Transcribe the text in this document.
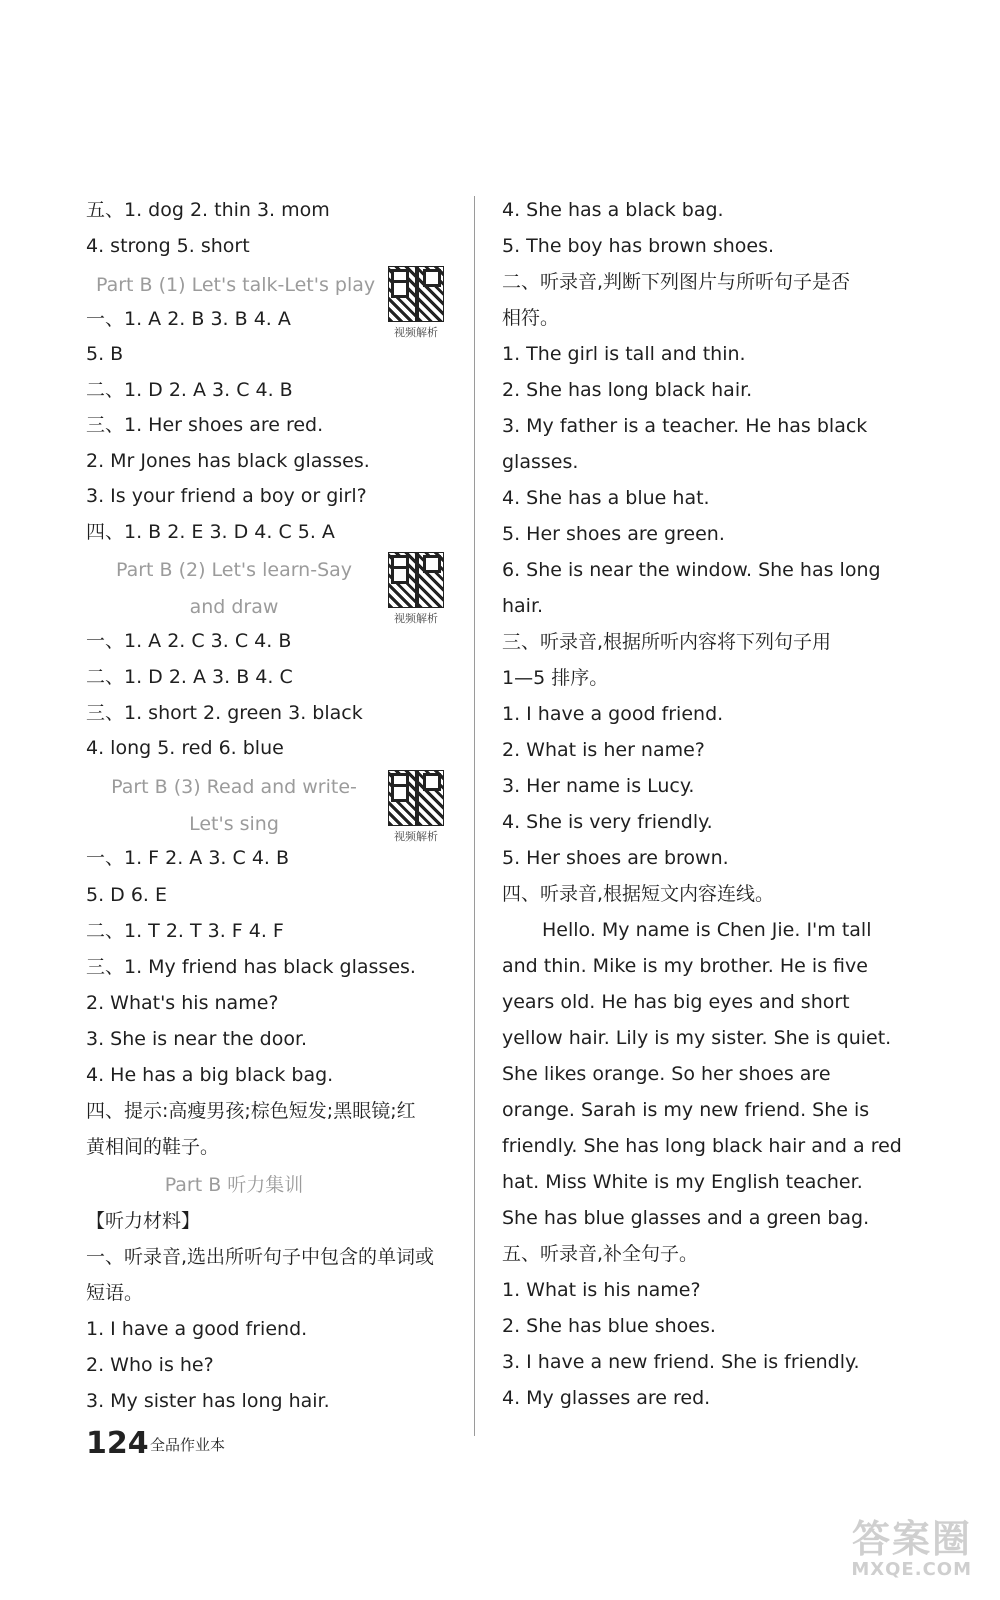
五、1. dog 2. thin 3. mom
4. strong 5. short
Part B (1) Let's talk-Let's play
一、1. A 2. B 3. B 4. A
5. B
二、1. D 2. A 3. C 4. B
三、1. Her shoes are red.
2. Mr Jones has black glasses.
3. Is your friend a boy or girl?
四、1. B 2. E 3. D 4. C 5. A
Part B (2) Let's learn-Say
and draw
一、1. A 2. C 3. C 4. B
二、1. D 2. A 3. B 4. C
三、1. short 2. green 3. black
4. long 5. red 6. blue
Part B (3) Read and write-
Let's sing
一、1. F 2. A 3. C 4. B
5. D 6. E
二、1. T 2. T 3. F 4. F
三、1. My friend has black glasses.
2. What's his name?
3. She is near the door.
4. He has a big black bag.
四、提示:高瘦男孩;棕色短发;黑眼镜;红
黄相间的鞋子。
Part B 听力集训
【听力材料】
一、听录音,选出所听句子中包含的单词或
短语。
1. I have a good friend.
2. Who is he?
3. My sister has long hair.
视频解析
视频解析
视频解析
4. She has a black bag.
5. The boy has brown shoes.
二、听录音,判断下列图片与所听句子是否
相符。
1. The girl is tall and thin.
2. She has long black hair.
3. My father is a teacher. He has black
glasses.
4. She has a blue hat.
5. Her shoes are green.
6. She is near the window. She has long
hair.
三、听录音,根据所听内容将下列句子用
1—5 排序。
1. I have a good friend.
2. What is her name?
3. Her name is Lucy.
4. She is very friendly.
5. Her shoes are brown.
四、听录音,根据短文内容连线。
Hello. My name is Chen Jie. I'm tall
and thin. Mike is my brother. He is five
years old. He has big eyes and short
yellow hair. Lily is my sister. She is quiet.
She likes orange. So her shoes are
orange. Sarah is my new friend. She is
friendly. She has long black hair and a red
hat. Miss White is my English teacher.
She has blue glasses and a green bag.
五、听录音,补全句子。
1. What is his name?
2. She has blue shoes.
3. I have a new friend. She is friendly.
4. My glasses are red.
124 全品作业本
答案圈
MXQE.COM
